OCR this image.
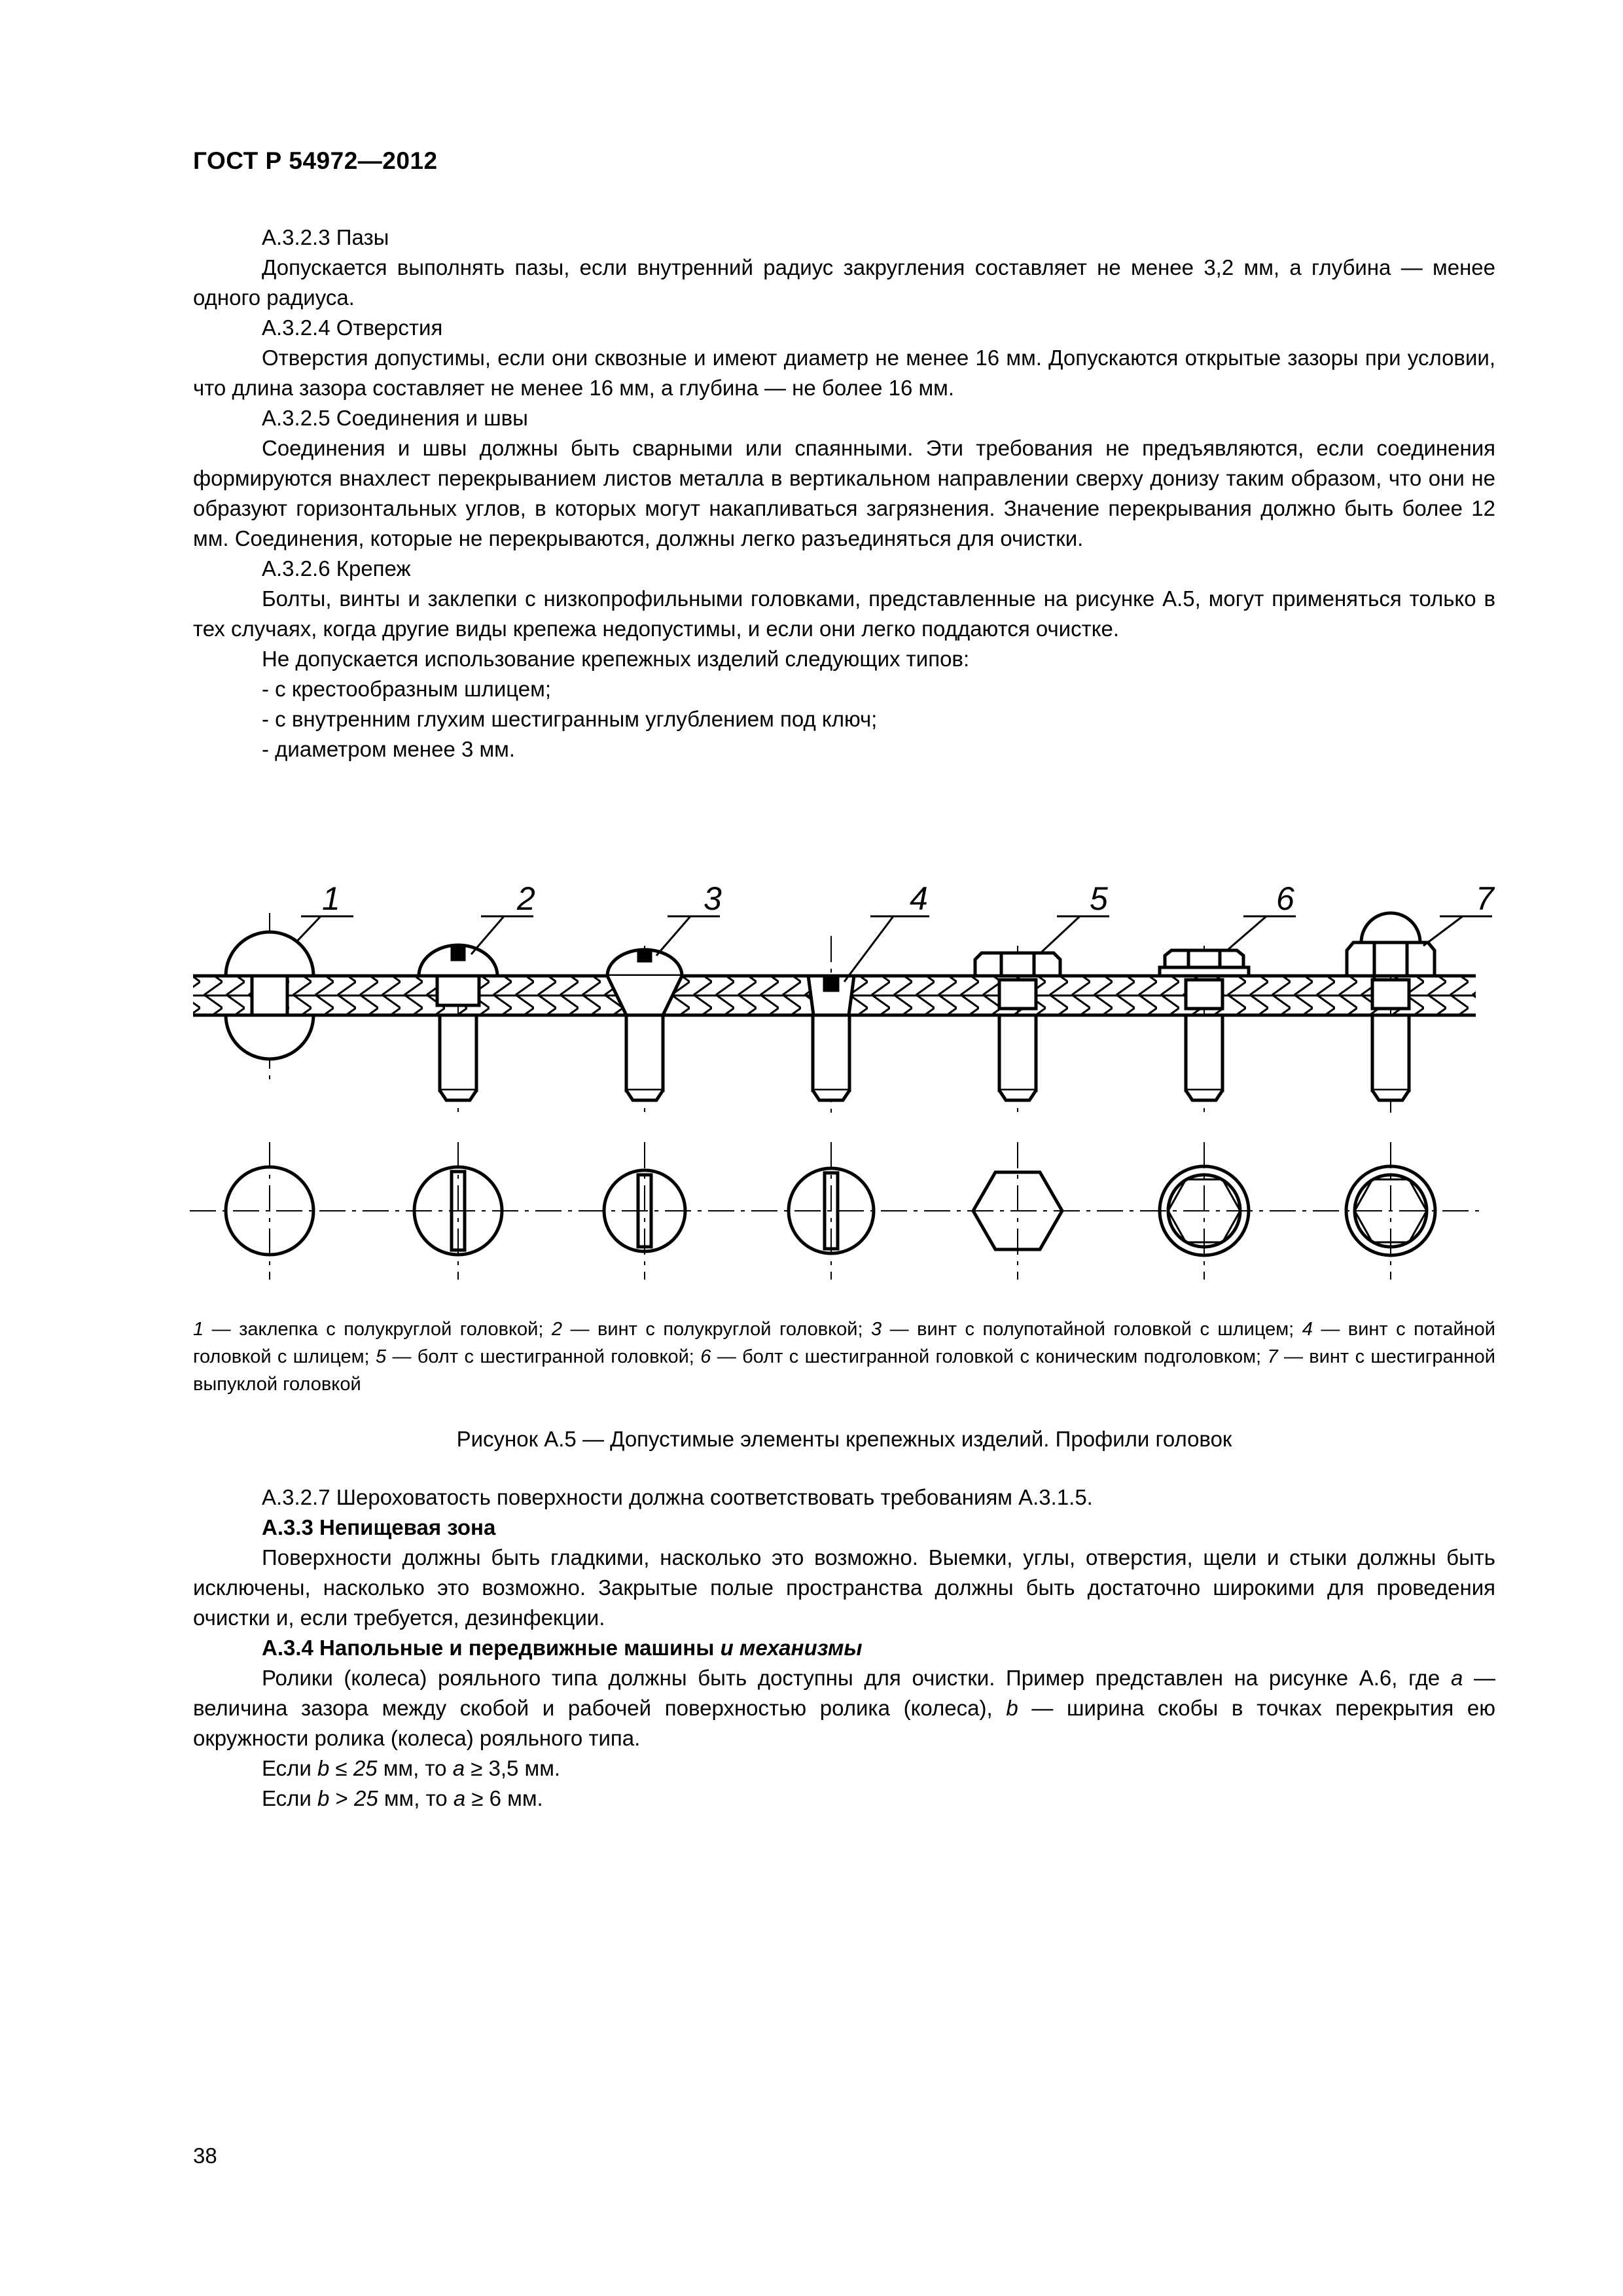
ГОСТ Р 54972—2012

А.3.2.3 Пазы

Допускается выполнять пазы, если внутренний радиус закругления составляет не менее 3,2 мм, а глубина — менее одного радиуса.

А.3.2.4 Отверстия

Отверстия допустимы, если они сквозные и имеют диаметр не менее 16 мм. Допускаются открытые зазоры при условии, что длина зазора составляет не менее 16 мм, а глубина — не более 16 мм.

А.3.2.5 Соединения и швы

Соединения и швы должны быть сварными или спаянными. Эти требования не предъявляются, если соединения формируются внахлест перекрыванием листов металла в вертикальном направлении сверху донизу таким образом, что они не образуют горизонтальных углов, в которых могут накапливаться загрязнения. Значение перекрывания должно быть более 12 мм. Соединения, которые не перекрываются, должны легко разъединяться для очистки.

А.3.2.6 Крепеж

Болты, винты и заклепки с низкопрофильными головками, представленные на рисунке А.5, могут применяться только в тех случаях, когда другие виды крепежа недопустимы, и если они легко поддаются очистке.

Не допускается использование крепежных изделий следующих типов:

- с крестообразным шлицем;

- с внутренним глухим шестигранным углублением под ключ;

- диаметром менее 3 мм.

1	2	3	4	5	6	7
1 — заклепка с полукруглой головкой; 2 — винт с полукруглой головкой; 3 — винт с полупотайной головкой с шлицем; 4 — винт с потайной головкой с шлицем; 5 — болт с шестигранной головкой; 6 — болт с шестигранной головкой с коническим подголовком; 7 — винт с шестигранной выпуклой головкой
Рисунок А.5 — Допустимые элементы крепежных изделий. Профили головок

А.3.2.7 Шероховатость поверхности должна соответствовать требованиям А.3.1.5.

А.3.3 Непищевая зона

Поверхности должны быть гладкими, насколько это возможно. Выемки, углы, отверстия, щели и стыки должны быть исключены, насколько это возможно. Закрытые полые пространства должны быть достаточно широкими для проведения очистки и, если требуется, дезинфекции.

А.3.4 Напольные и передвижные машины и механизмы

Ролики (колеса) рояльного типа должны быть доступны для очистки. Пример представлен на рисунке А.6, где а — величина зазора между скобой и рабочей поверхностью ролика (колеса), b — ширина скобы в точках перекрытия ею окружности ролика (колеса) рояльного типа.

Если b ≤ 25 мм, то а ≥ 3,5 мм.

Если b > 25 мм, то а ≥ 6 мм.

38
